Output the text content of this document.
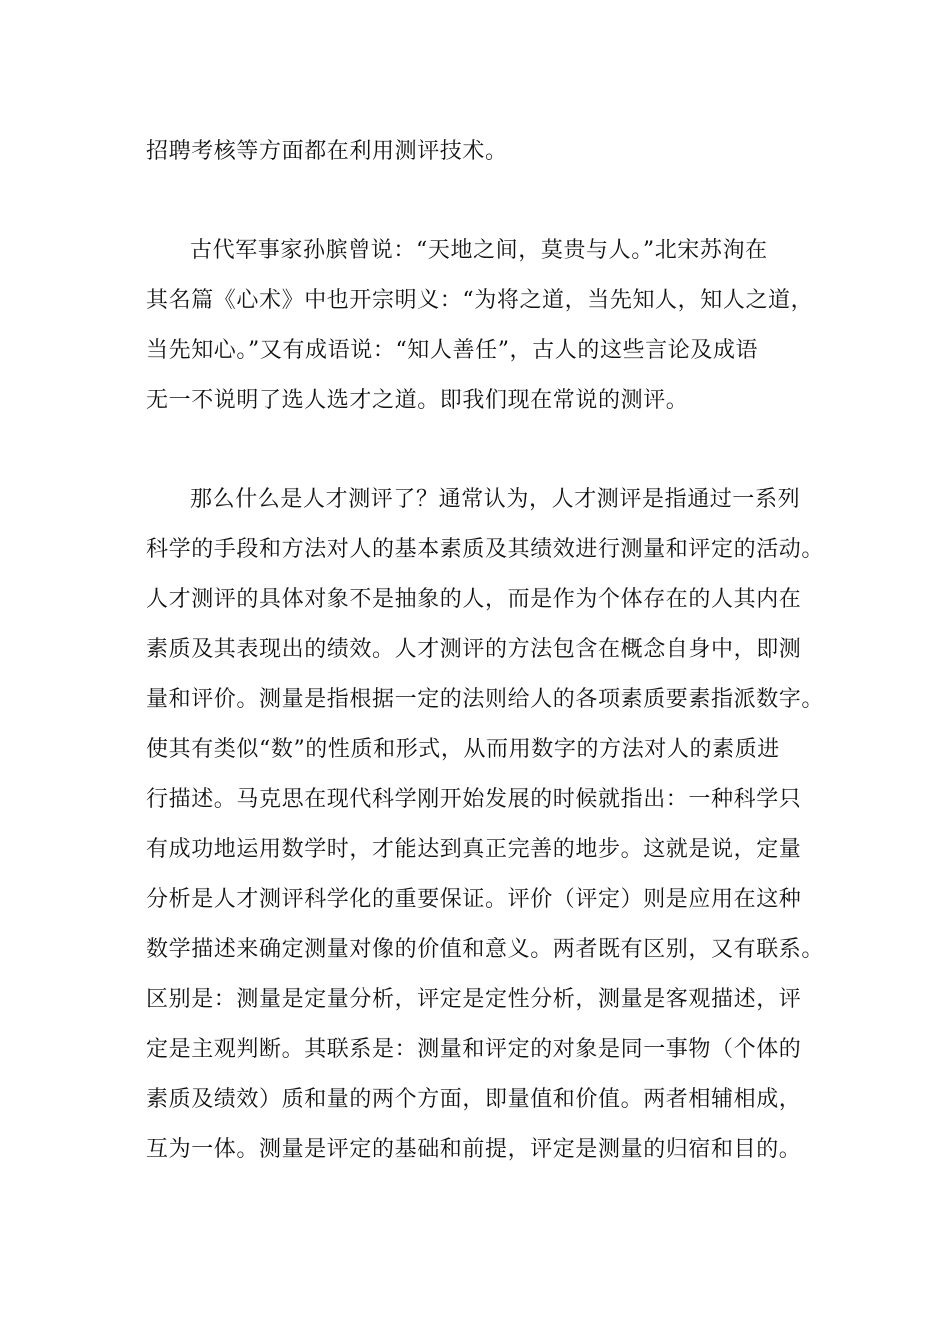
招聘考核等方面都在利用测评技术。
古代军事家孙膑曾说：“天地之间，莫贵与人。”北宋苏洵在
其名篇《心术》中也开宗明义：“为将之道，当先知人，知人之道，
当先知心。”又有成语说：“知人善任”，古人的这些言论及成语
无一不说明了选人选才之道。即我们现在常说的测评。
那么什么是人才测评了？通常认为，人才测评是指通过一系列
科学的手段和方法对人的基本素质及其绩效进行测量和评定的活动。
人才测评的具体对象不是抽象的人，而是作为个体存在的人其内在
素质及其表现出的绩效。人才测评的方法包含在概念自身中，即测
量和评价。测量是指根据一定的法则给人的各项素质要素指派数字。
使其有类似“数”的性质和形式，从而用数字的方法对人的素质进
行描述。马克思在现代科学刚开始发展的时候就指出：一种科学只
有成功地运用数学时，才能达到真正完善的地步。这就是说，定量
分析是人才测评科学化的重要保证。评价（评定）则是应用在这种
数学描述来确定测量对像的价值和意义。两者既有区别，又有联系。
区别是：测量是定量分析，评定是定性分析，测量是客观描述，评
定是主观判断。其联系是：测量和评定的对象是同一事物（个体的
素质及绩效）质和量的两个方面，即量值和价值。两者相辅相成，
互为一体。测量是评定的基础和前提，评定是测量的归宿和目的。
